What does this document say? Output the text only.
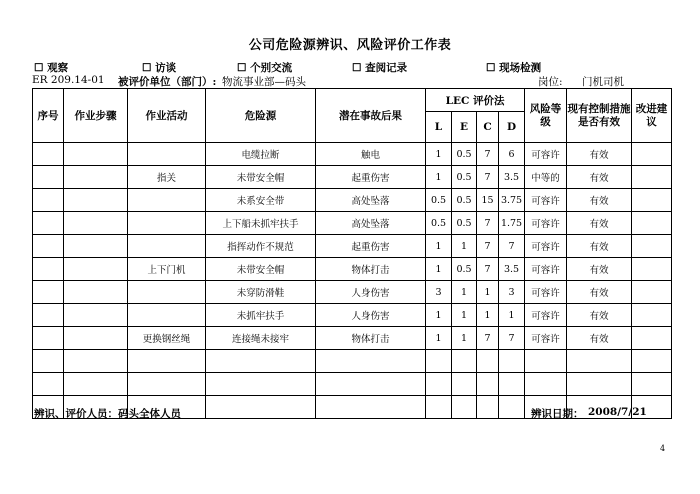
公司危险源辨识、风险评价工作表
☐ 观察	☐ 访谈	☐ 个别交流	☐ 查阅记录	☐ 现场检测
ER 209.14-01 被评价单位（部门）: 物流事业部—码头	岗位: 门机司机
序号	作业步骤	作业活动	危险源	潜在事故后果	LEC 评价法				风险等级	现有控制措施是否有效	改进建议
					L	E	C	D			
			电缆拉断	触电	1	0.5	7	6	可容许	有效	
		指关	未带安全帽	起重伤害	1	0.5	7	3.5	中等的	有效	
			未系安全带	高处坠落	0.5	0.5	15	3.75	可容许	有效	
			上下船未抓牢扶手	高处坠落	0.5	0.5	7	1.75	可容许	有效	
			指挥动作不规范	起重伤害	1	1	7	7	可容许	有效	
		上下门机	未带安全帽	物体打击	1	0.5	7	3.5	可容许	有效	
			未穿防滑鞋	人身伤害	3	1	1	3	可容许	有效	
			未抓牢扶手	人身伤害	1	1	1	1	可容许	有效	
		更换钢丝绳	连接绳未接牢	物体打击	1	1	7	7	可容许	有效	

辨识、评价人员：码头全体人员	辨识日期： 2008/7/21
4
